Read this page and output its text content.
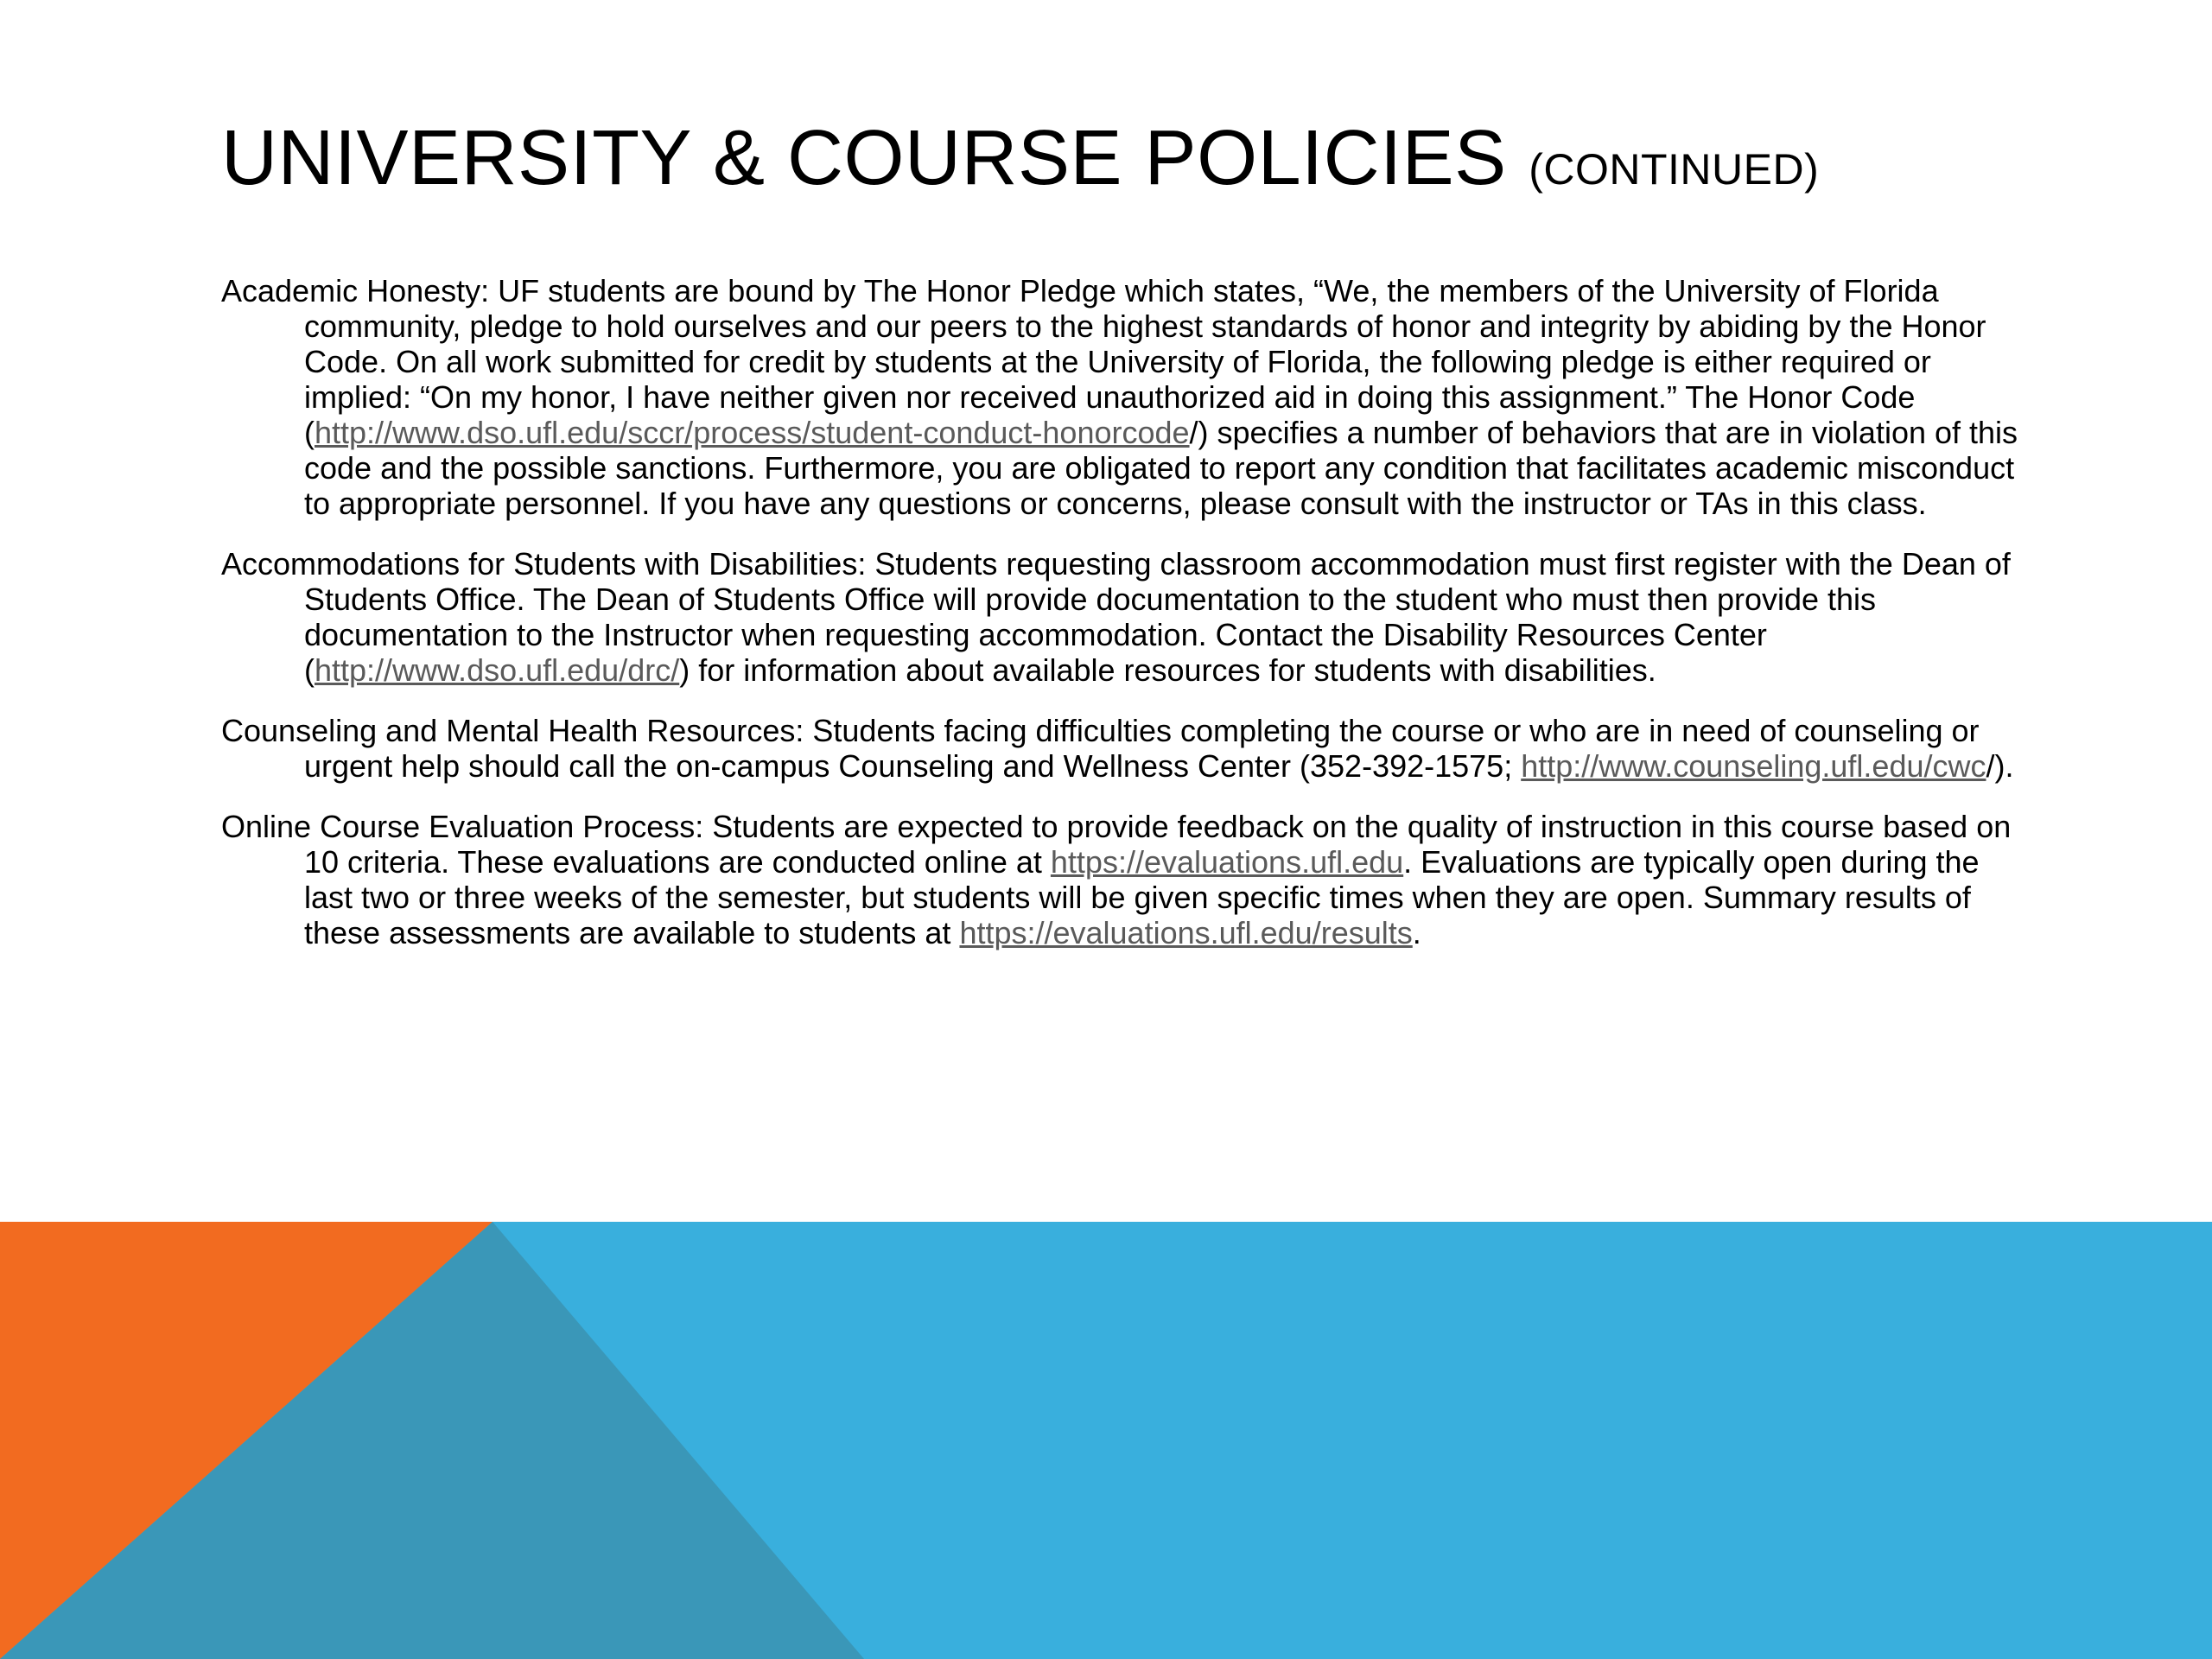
UNIVERSITY & COURSE POLICIES (CONTINUED)

Academic Honesty: UF students are bound by The Honor Pledge which states, “We, the members of the University of Florida community, pledge to hold ourselves and our peers to the highest standards of honor and integrity by abiding by the Honor Code. On all work submitted for credit by students at the University of Florida, the following pledge is either required or implied: “On my honor, I have neither given nor received unauthorized aid in doing this assignment.” The Honor Code (http://www.dso.ufl.edu/sccr/process/student-conduct-honorcode/) specifies a number of behaviors that are in violation of this code and the possible sanctions. Furthermore, you are obligated to report any condition that facilitates academic misconduct to appropriate personnel. If you have any questions or concerns, please consult with the instructor or TAs in this class.

Accommodations for Students with Disabilities: Students requesting classroom accommodation must first register with the Dean of Students Office. The Dean of Students Office will provide documentation to the student who must then provide this documentation to the Instructor when requesting accommodation. Contact the Disability Resources Center (http://www.dso.ufl.edu/drc/) for information about available resources for students with disabilities.

Counseling and Mental Health Resources: Students facing difficulties completing the course or who are in need of counseling or urgent help should call the on-campus Counseling and Wellness Center (352-392-1575; http://www.counseling.ufl.edu/cwc/).

Online Course Evaluation Process: Students are expected to provide feedback on the quality of instruction in this course based on 10 criteria. These evaluations are conducted online at https://evaluations.ufl.edu. Evaluations are typically open during the last two or three weeks of the semester, but students will be given specific times when they are open. Summary results of these assessments are available to students at https://evaluations.ufl.edu/results.
